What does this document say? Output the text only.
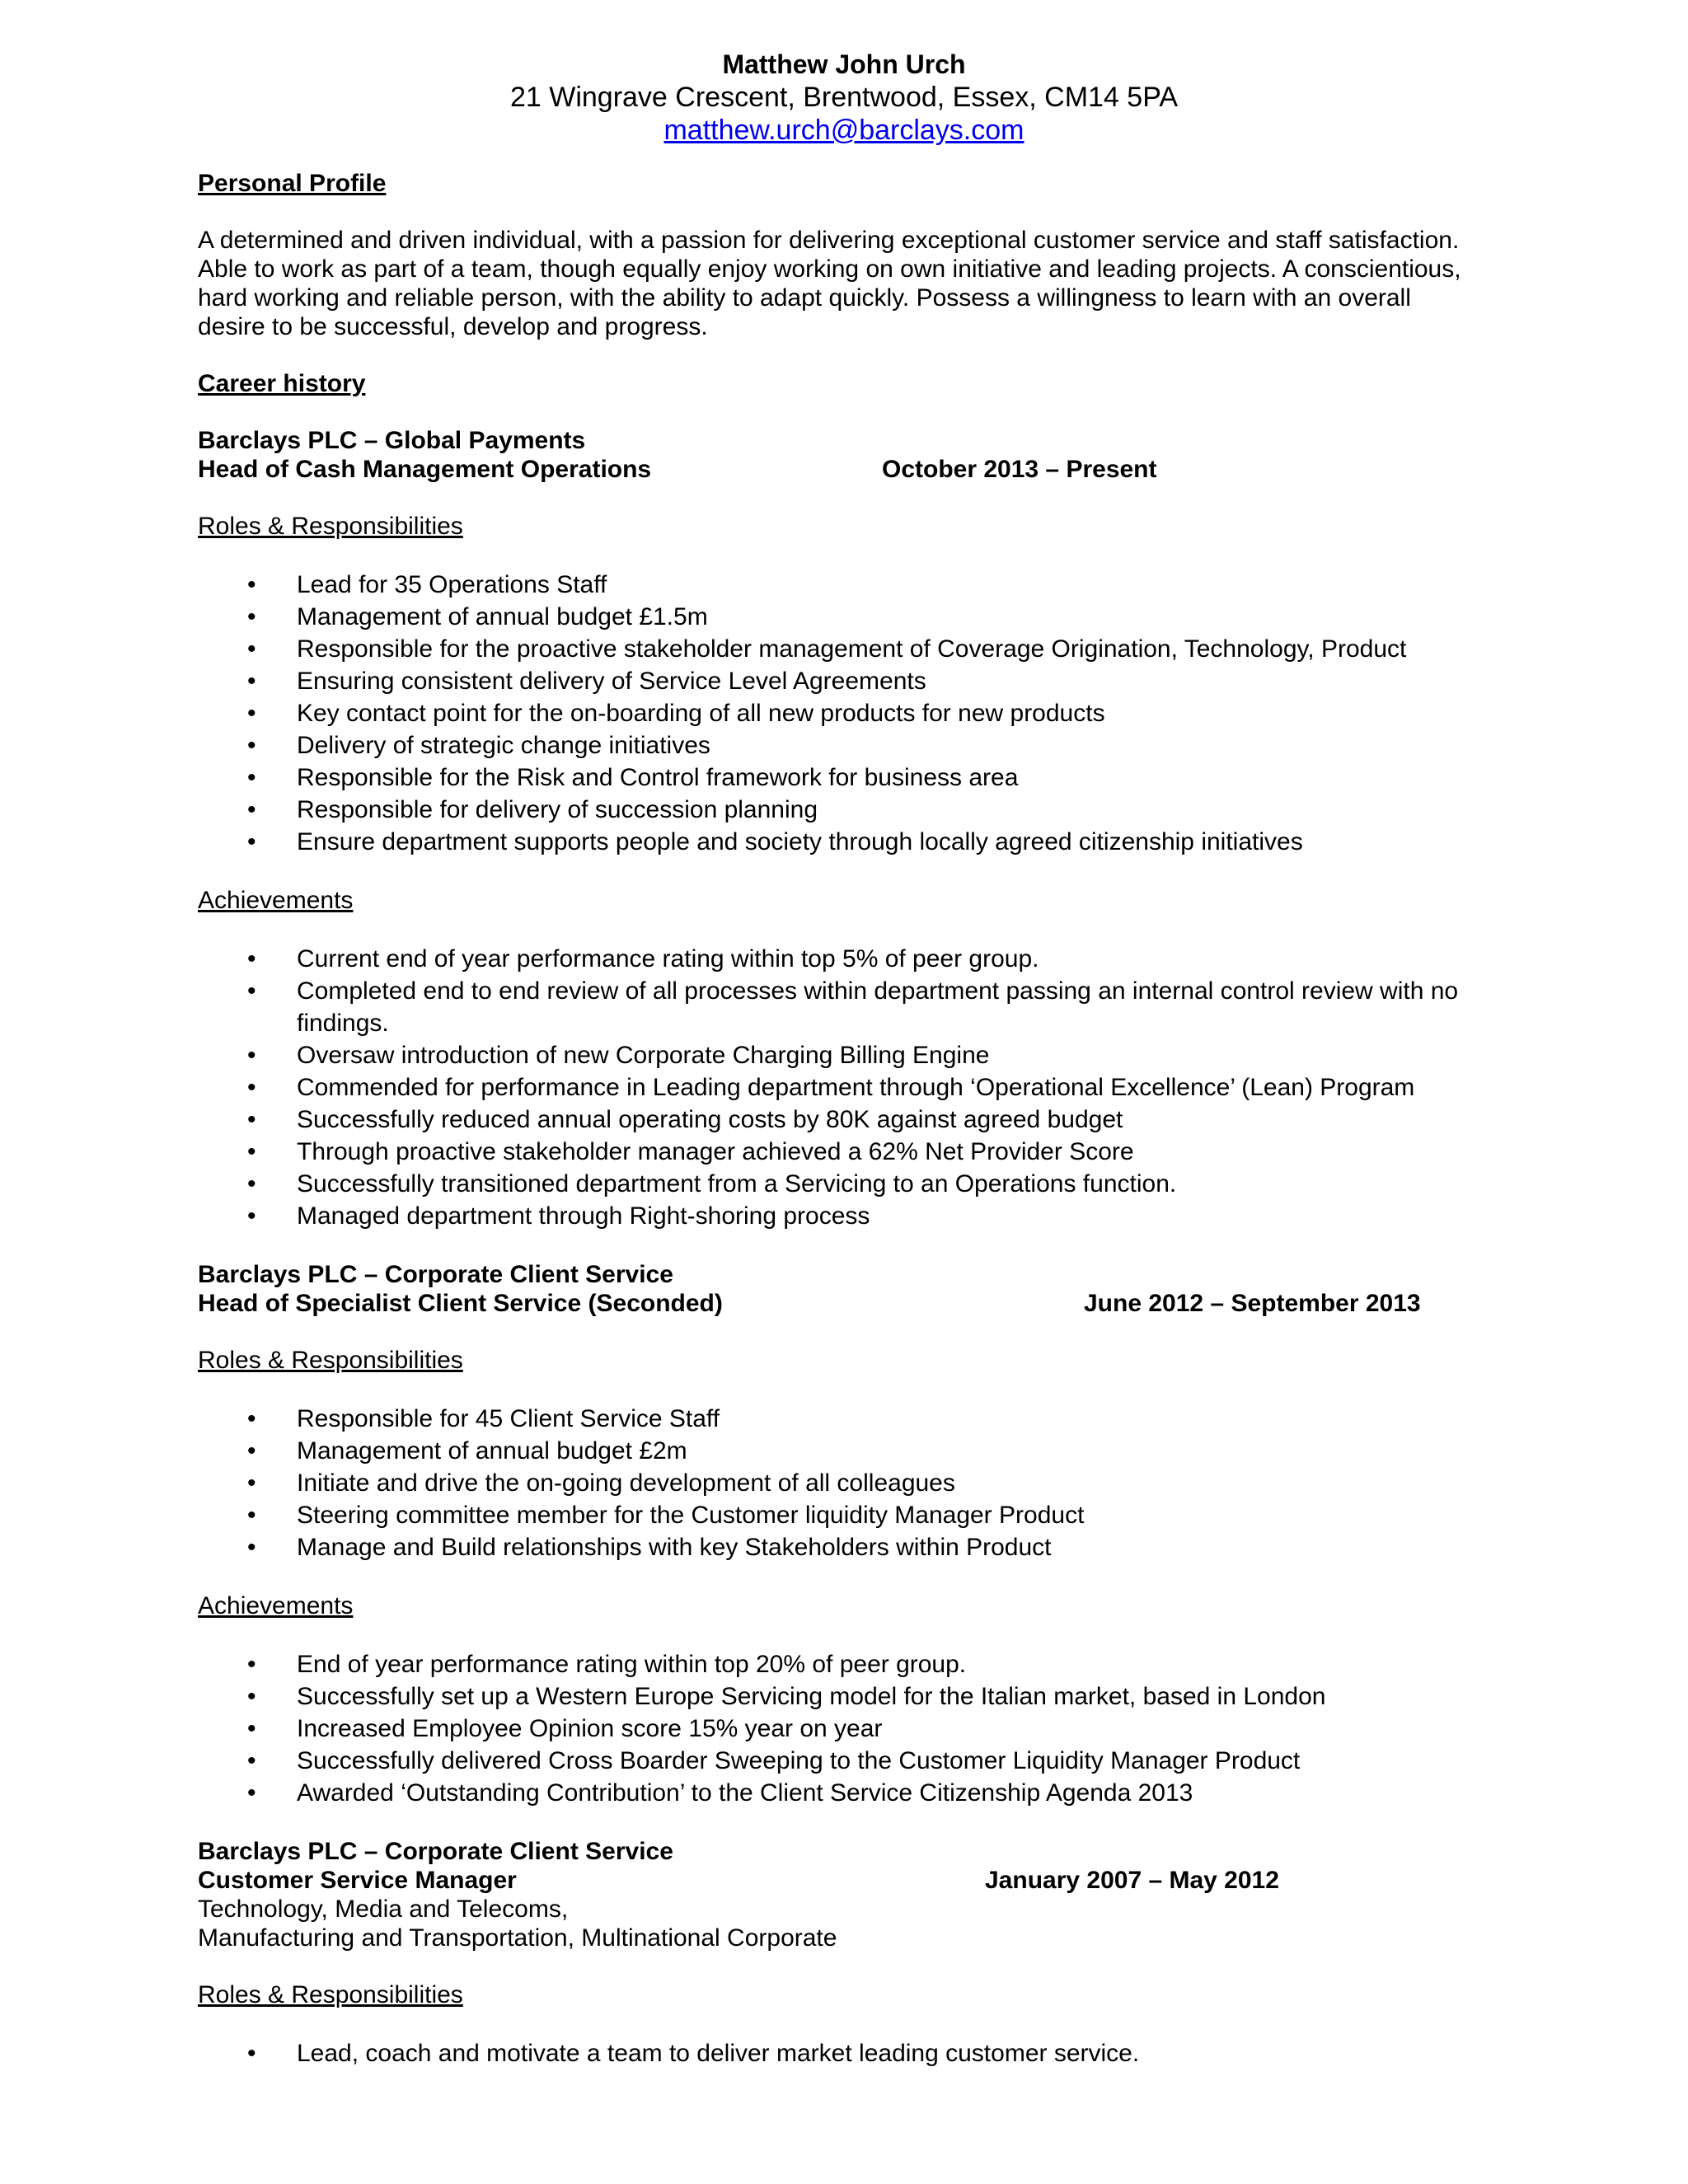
Matthew John Urch
21 Wingrave Crescent, Brentwood, Essex, CM14 5PA
matthew.urch@barclays.com
Personal Profile
A determined and driven individual, with a passion for delivering exceptional customer service and staff satisfaction. Able to work as part of a team, though equally enjoy working on own initiative and leading projects. A conscientious, hard working and reliable person, with the ability to adapt quickly. Possess a willingness to learn with an overall desire to be successful, develop and progress.
Career history
Barclays PLC – Global Payments
Head of Cash Management Operations	October 2013 – Present
Roles & Responsibilities
• Lead for 35 Operations Staff
• Management of annual budget £1.5m
• Responsible for the proactive stakeholder management of Coverage Origination, Technology, Product
• Ensuring consistent delivery of Service Level Agreements
• Key contact point for the on-boarding of all new products for new products
• Delivery of strategic change initiatives
• Responsible for the Risk and Control framework for business area
• Responsible for delivery of succession planning
• Ensure department supports people and society through locally agreed citizenship initiatives
Achievements
• Current end of year performance rating within top 5% of peer group.
• Completed end to end review of all processes within department passing an internal control review with no findings.
• Oversaw introduction of new Corporate Charging Billing Engine
• Commended for performance in Leading department through ‘Operational Excellence’ (Lean) Program
• Successfully reduced annual operating costs by 80K against agreed budget
• Through proactive stakeholder manager achieved a 62% Net Provider Score
• Successfully transitioned department from a Servicing to an Operations function.
• Managed department through Right-shoring process
Barclays PLC – Corporate Client Service
Head of Specialist Client Service (Seconded)	June 2012 – September 2013
Roles & Responsibilities
• Responsible for 45 Client Service Staff
• Management of annual budget £2m
• Initiate and drive the on-going development of all colleagues
• Steering committee member for the Customer liquidity Manager Product
• Manage and Build relationships with key Stakeholders within Product
Achievements
• End of year performance rating within top 20% of peer group.
• Successfully set up a Western Europe Servicing model for the Italian market, based in London
• Increased Employee Opinion score 15% year on year
• Successfully delivered Cross Boarder Sweeping to the Customer Liquidity Manager Product
• Awarded ‘Outstanding Contribution’ to the Client Service Citizenship Agenda 2013
Barclays PLC – Corporate Client Service
Customer Service Manager	January 2007 – May 2012
Technology, Media and Telecoms,
Manufacturing and Transportation, Multinational Corporate
Roles & Responsibilities
• Lead, coach and motivate a team to deliver market leading customer service.
